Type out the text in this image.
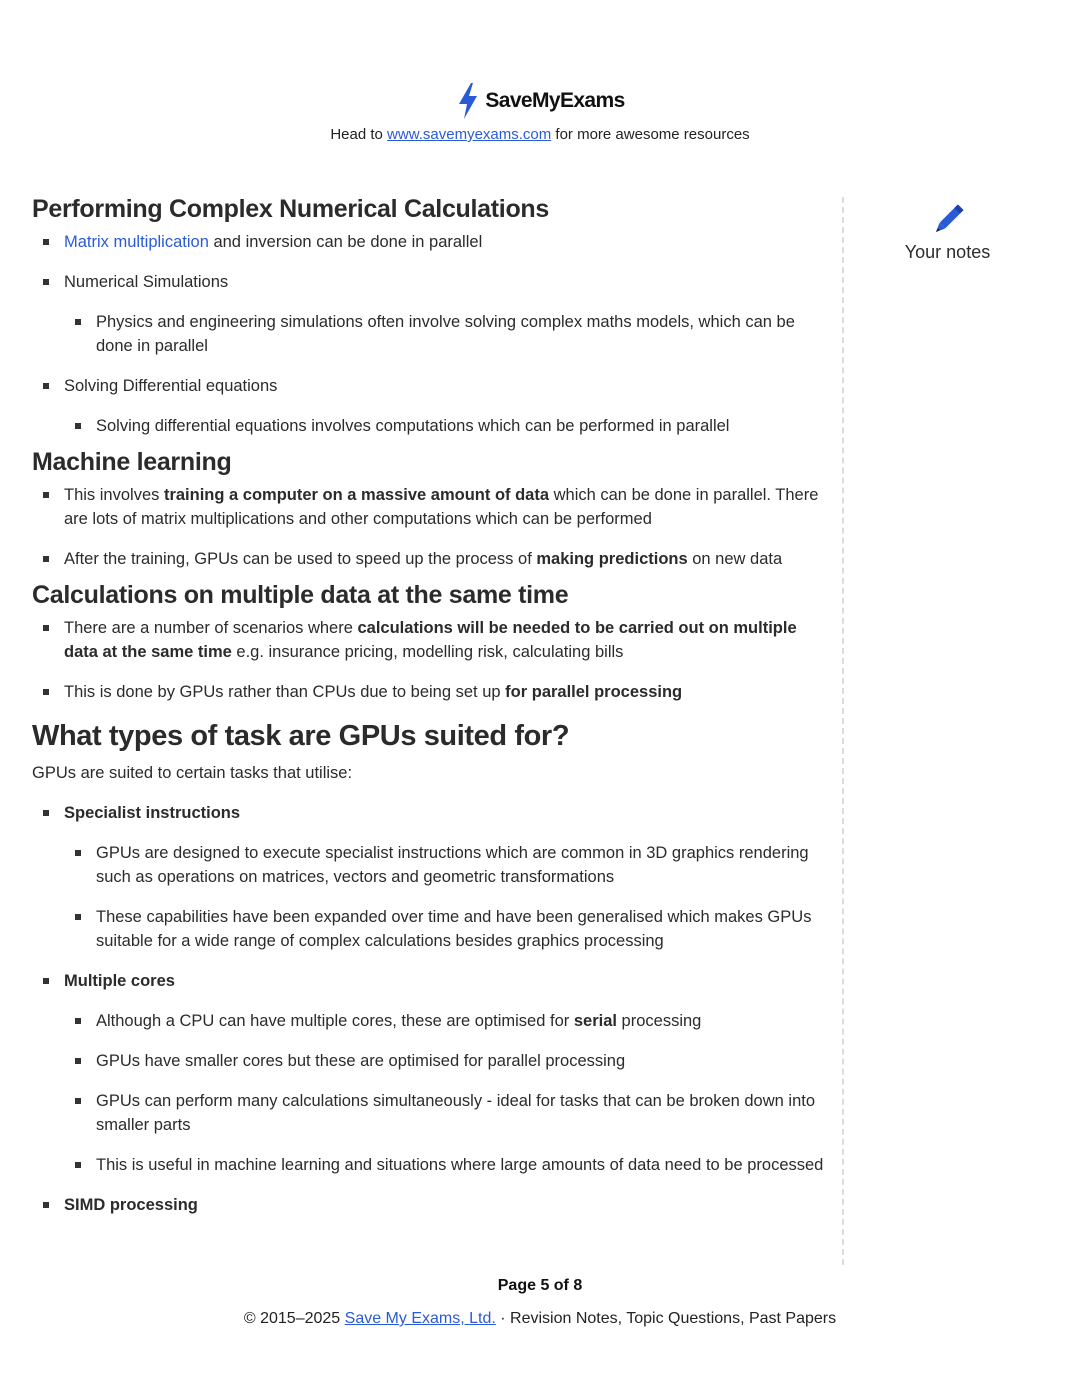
SaveMyExams
Head to www.savemyexams.com for more awesome resources
Your notes
Performing Complex Numerical Calculations
Matrix multiplication and inversion can be done in parallel
Numerical Simulations
Physics and engineering simulations often involve solving complex maths models, which can be done in parallel
Solving Differential equations
Solving differential equations involves computations which can be performed in parallel
Machine learning
This involves training a computer on a massive amount of data which can be done in parallel. There are lots of matrix multiplications and other computations which can be performed
After the training, GPUs can be used to speed up the process of making predictions on new data
Calculations on multiple data at the same time
There are a number of scenarios where calculations will be needed to be carried out on multiple data at the same time e.g. insurance pricing, modelling risk, calculating bills
This is done by GPUs rather than CPUs due to being set up for parallel processing
What types of task are GPUs suited for?

GPUs are suited to certain tasks that utilise:

Specialist instructions
GPUs are designed to execute specialist instructions which are common in 3D graphics rendering such as operations on matrices, vectors and geometric transformations
These capabilities have been expanded over time and have been generalised which makes GPUs suitable for a wide range of complex calculations besides graphics processing
Multiple cores
Although a CPU can have multiple cores, these are optimised for serial processing
GPUs have smaller cores but these are optimised for parallel processing
GPUs can perform many calculations simultaneously - ideal for tasks that can be broken down into smaller parts
This is useful in machine learning and situations where large amounts of data need to be processed
SIMD processing
Page 5 of 8
© 2015–2025 Save My Exams, Ltd. · Revision Notes, Topic Questions, Past Papers
